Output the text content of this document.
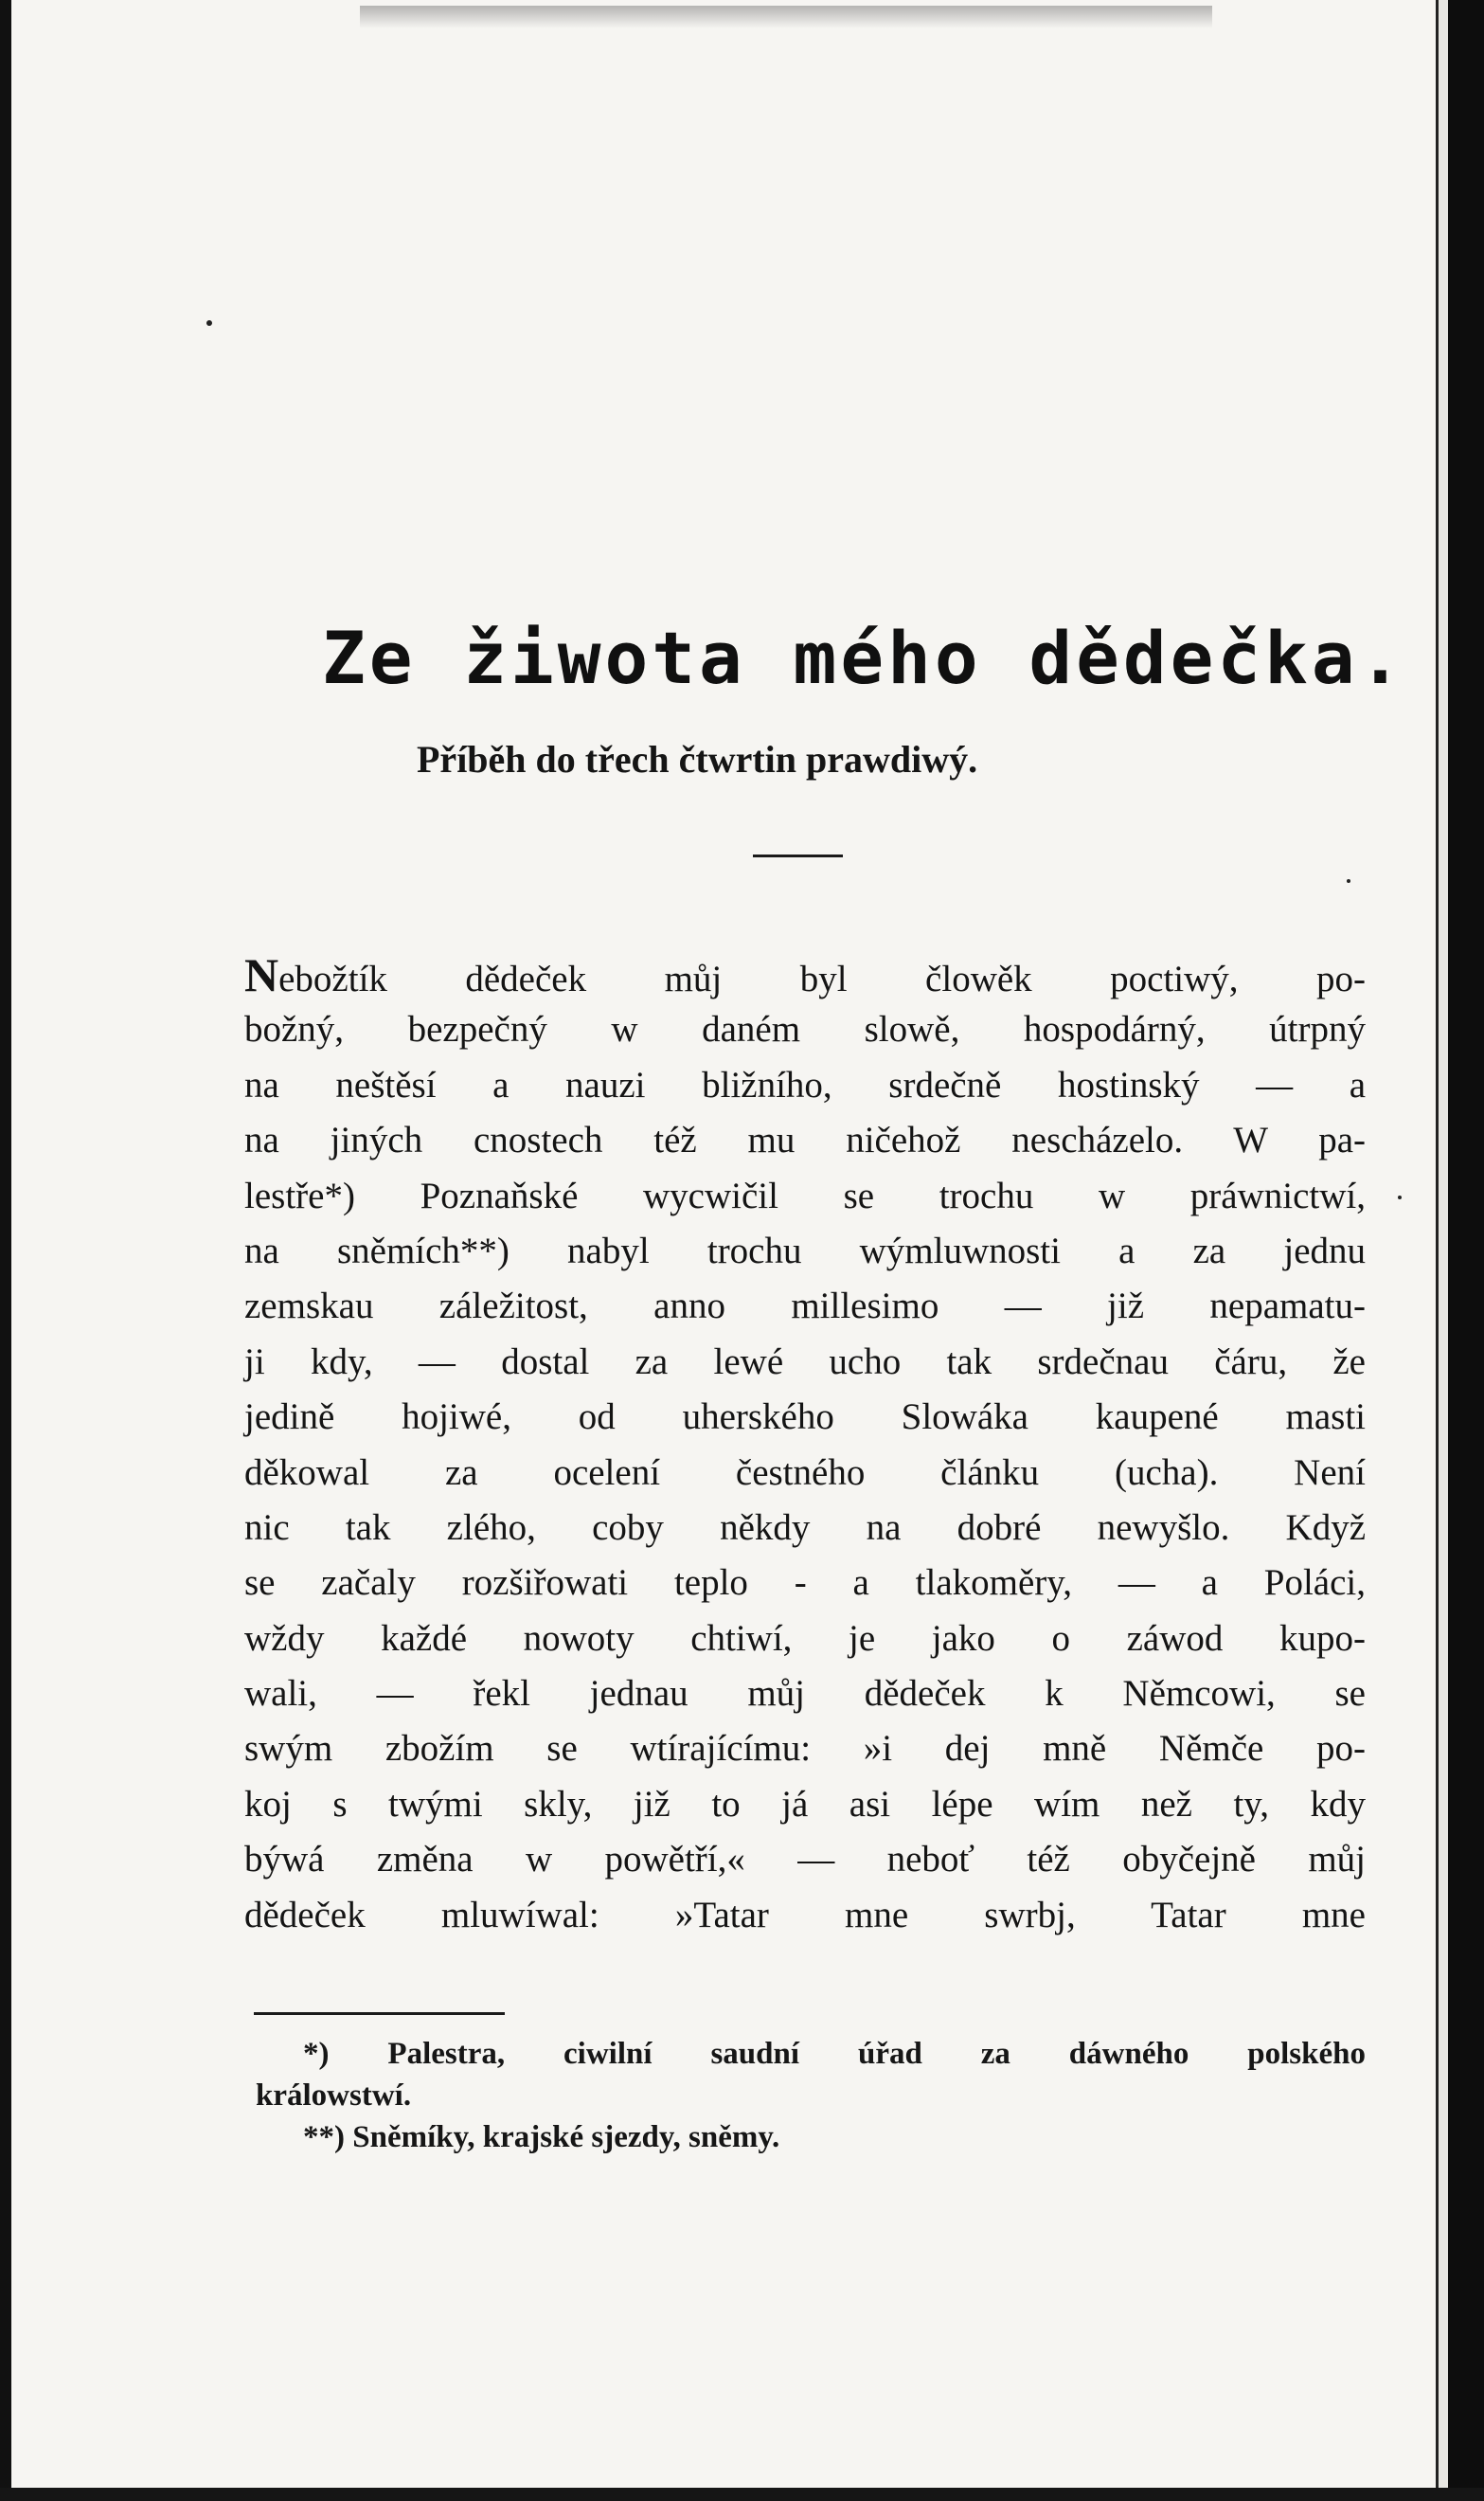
Ze žiwota mého dědečka.
Příběh do třech čtwrtin prawdiwý.
Nebožtík dědeček můj byl člowěk poctiwý, po-
božný, bezpečný w daném slowě, hospodárný, útrpný
na neštěsí a nauzi bližního, srdečně hostinský — a
na jiných cnostech též mu ničehož nescházelo. W pa-
lestře*) Poznaňské wycwičil se trochu w práwnictwí,
na sněmích**) nabyl trochu wýmluwnosti a za jednu
zemskau záležitost, anno millesimo — již nepamatu-
ji kdy, — dostal za lewé ucho tak srdečnau čáru, že
jedině hojiwé, od uherského Slowáka kaupené masti
děkowal za ocelení čestného článku (ucha). Není
nic tak zlého, coby někdy na dobré newyšlo. Když
se začaly rozšiřowati teplo - a tlakoměry, — a Poláci,
wždy každé nowoty chtiwí, je jako o záwod kupo-
wali, — řekl jednau můj dědeček k Němcowi, se
swým zbožím se wtírajícímu: »i dej mně Němče po-
koj s twými skly, již to já asi lépe wím než ty, kdy
býwá změna w powětří,« — neboť též obyčejně můj
dědeček mluwíwal: »Tatar mne swrbj, Tatar mne
*) Palestra, ciwilní saudní úřad za dáwného polského
králowstwí.
**) Sněmíky, krajské sjezdy, sněmy.
